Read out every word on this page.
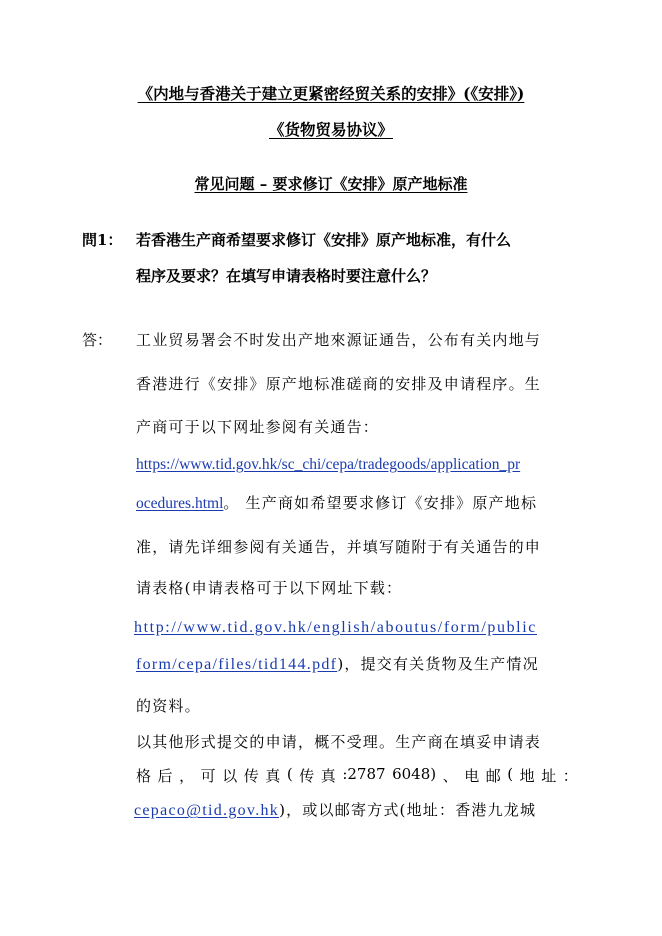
《内地与香港关于建立更紧密经贸关系的安排》(《安排》)
《货物贸易协议》
常见问题 – 要求修订《安排》原产地标准
問1： 若香港生产商希望要求修订《安排》原产地标准，有什么
程序及要求？在填写申请表格时要注意什么？
答： 工业贸易署会不时发出产地來源证通告，公布有关内地与
香港进行《安排》原产地标准磋商的安排及申请程序。生
产商可于以下网址参阅有关通告：
https://www.tid.gov.hk/sc_chi/cepa/tradegoods/application_pr
ocedures.html。 生产商如希望要求修订《安排》原产地标
准，请先详细参阅有关通告，并填写随附于有关通告的申
请表格(申请表格可于以下网址下载：
http://www.tid.gov.hk/english/aboutus/form/public
form/cepa/files/tid144.pdf)，提交有关货物及生产情况
的资料。
以其他形式提交的申请，概不受理。生产商在填妥申请表
格 后 ， 可 以 传 真 ( 传 真 :2787 6048) 、 电 邮 ( 地 址 ：
cepaco@tid.gov.hk)，或以邮寄方式(地址：香港九龙城
